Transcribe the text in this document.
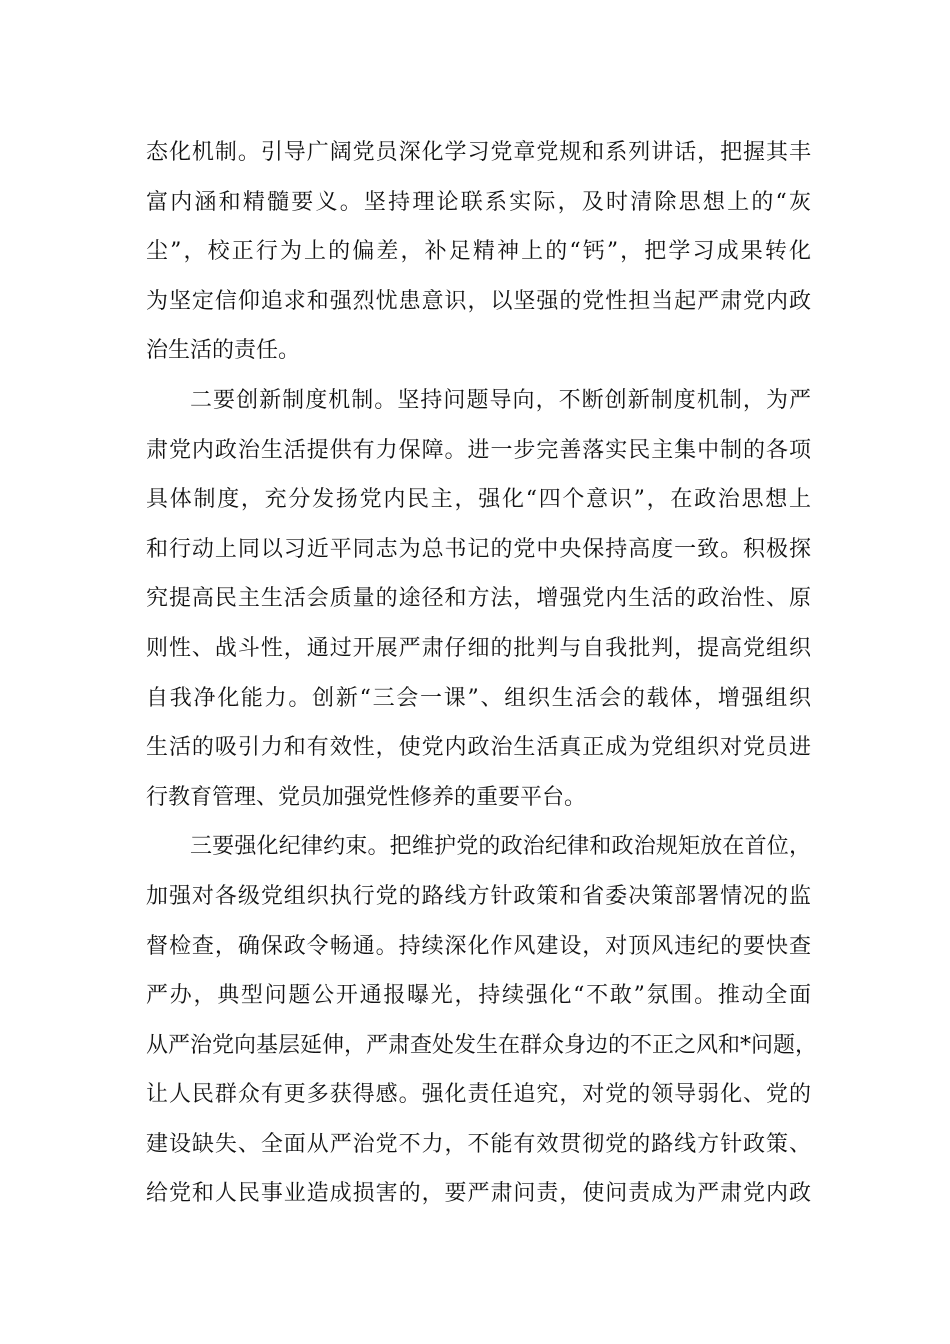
态化机制。引导广阔党员深化学习党章党规和系列讲话，把握其丰
富内涵和精髓要义。坚持理论联系实际，及时清除思想上的“灰
尘”，校正行为上的偏差，补足精神上的“钙”，把学习成果转化
为坚定信仰追求和强烈忧患意识，以坚强的党性担当起严肃党内政
治生活的责任。
二要创新制度机制。坚持问题导向，不断创新制度机制，为严
肃党内政治生活提供有力保障。进一步完善落实民主集中制的各项
具体制度，充分发扬党内民主，强化“四个意识”，在政治思想上
和行动上同以习近平同志为总书记的党中央保持高度一致。积极探
究提高民主生活会质量的途径和方法，增强党内生活的政治性、原
则性、战斗性，通过开展严肃仔细的批判与自我批判，提高党组织
自我净化能力。创新“三会一课”、组织生活会的载体，增强组织
生活的吸引力和有效性，使党内政治生活真正成为党组织对党员进
行教育管理、党员加强党性修养的重要平台。
三要强化纪律约束。把维护党的政治纪律和政治规矩放在首位，
加强对各级党组织执行党的路线方针政策和省委决策部署情况的监
督检查，确保政令畅通。持续深化作风建设，对顶风违纪的要快查
严办，典型问题公开通报曝光，持续强化“不敢”氛围。推动全面
从严治党向基层延伸，严肃查处发生在群众身边的不正之风和*问题，
让人民群众有更多获得感。强化责任追究，对党的领导弱化、党的
建设缺失、全面从严治党不力，不能有效贯彻党的路线方针政策、
给党和人民事业造成损害的，要严肃问责，使问责成为严肃党内政
